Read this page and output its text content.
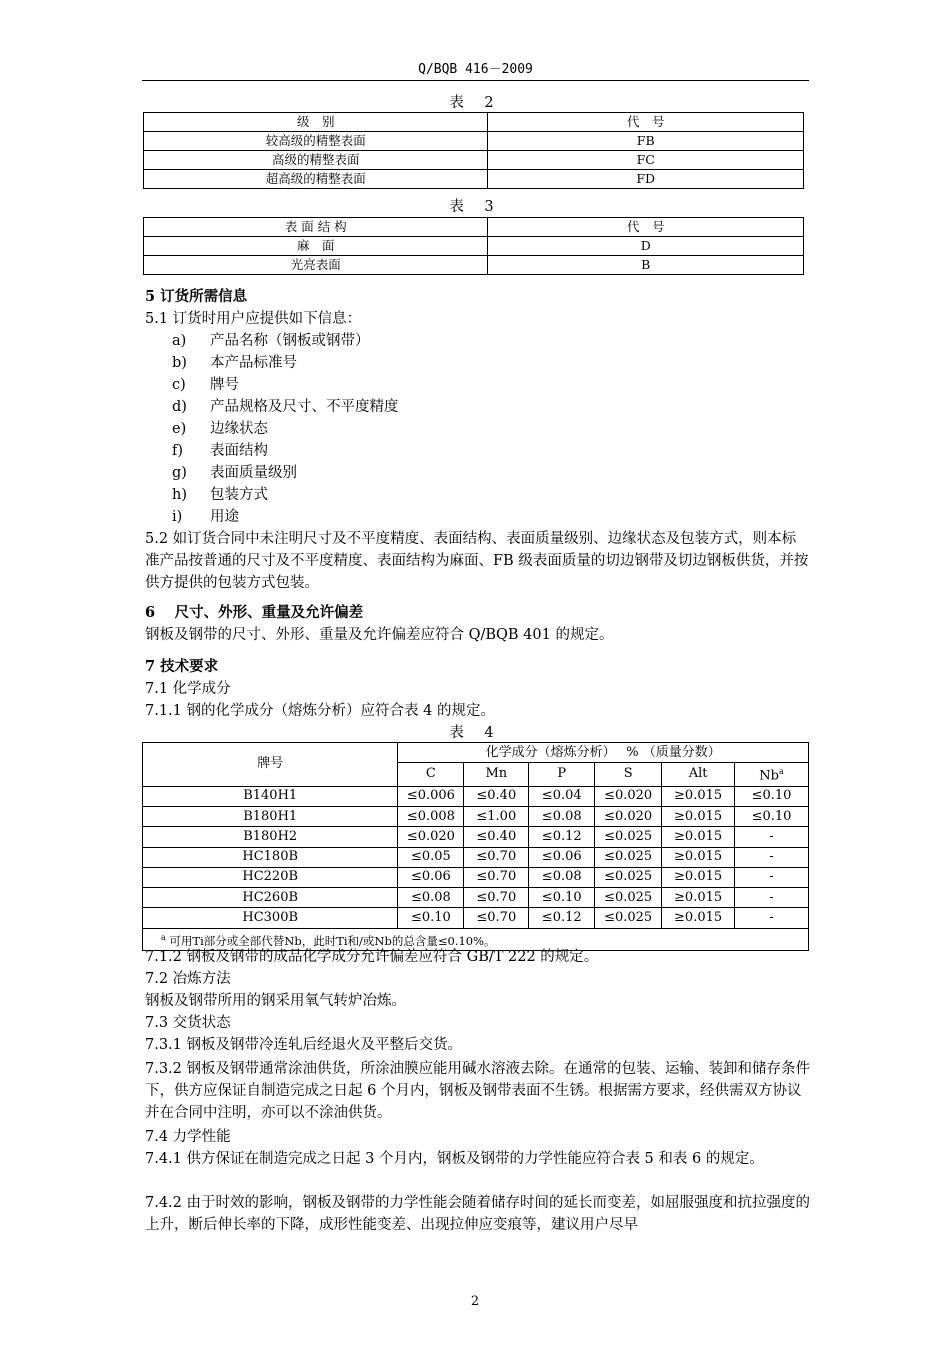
Q/BQB 416－2009
表 2
级　别	代　号
较高级的精整表面	FB
高级的精整表面	FC
超高级的精整表面	FD
表 3
表 面 结 构	代　号
麻　面	D
光亮表面	B
5 订货所需信息
5.1 订货时用户应提供如下信息：
a) 产品名称（钢板或钢带）
b) 本产品标准号
c) 牌号
d) 产品规格及尺寸、不平度精度
e) 边缘状态
f) 表面结构
g) 表面质量级别
h) 包装方式
i) 用途
5.2 如订货合同中未注明尺寸及不平度精度、表面结构、表面质量级别、边缘状态及包装方式，则本标准产品按普通的尺寸及不平度精度、表面结构为麻面、FB 级表面质量的切边钢带及切边钢板供货，并按供方提供的包装方式包装。
6　 尺寸、外形、重量及允许偏差
钢板及钢带的尺寸、外形、重量及允许偏差应符合 Q/BQB 401 的规定。
7 技术要求
7.1 化学成分
7.1.1 钢的化学成分（熔炼分析）应符合表 4 的规定。
表 4
牌号	化学成分（熔炼分析）　 % （质量分数）					
	C	Mn	P	S	Alt	Nb$^a$
B140H1	≤0.006	≤0.40	≤0.04	≤0.020	≥0.015	≤0.10
B180H1	≤0.008	≤1.00	≤0.08	≤0.020	≥0.015	≤0.10
B180H2	≤0.020	≤0.40	≤0.12	≤0.025	≥0.015	-
HC180B	≤0.05	≤0.70	≤0.06	≤0.025	≥0.015	-
HC220B	≤0.06	≤0.70	≤0.08	≤0.025	≥0.015	-
HC260B	≤0.08	≤0.70	≤0.10	≤0.025	≥0.015	-
HC300B	≤0.10	≤0.70	≤0.12	≤0.025	≥0.015	-
$^a$ 可用Ti部分或全部代替Nb，此时Ti和/或Nb的总含量≤0.10%。						
7.1.2 钢板及钢带的成品化学成分允许偏差应符合 GB/T 222 的规定。
7.2 冶炼方法
钢板及钢带所用的钢采用氧气转炉冶炼。
7.3 交货状态
7.3.1 钢板及钢带冷连轧后经退火及平整后交货。
7.3.2 钢板及钢带通常涂油供货，所涂油膜应能用碱水溶液去除。在通常的包装、运输、装卸和储存条件下，供方应保证自制造完成之日起 6 个月内，钢板及钢带表面不生锈。根据需方要求，经供需双方协议并在合同中注明，亦可以不涂油供货。
7.4 力学性能
7.4.1 供方保证在制造完成之日起 3 个月内，钢板及钢带的力学性能应符合表 5 和表 6 的规定。
7.4.2 由于时效的影响，钢板及钢带的力学性能会随着储存时间的延长而变差，如屈服强度和抗拉强度的上升，断后伸长率的下降，成形性能变差、出现拉伸应变痕等，建议用户尽早
2
